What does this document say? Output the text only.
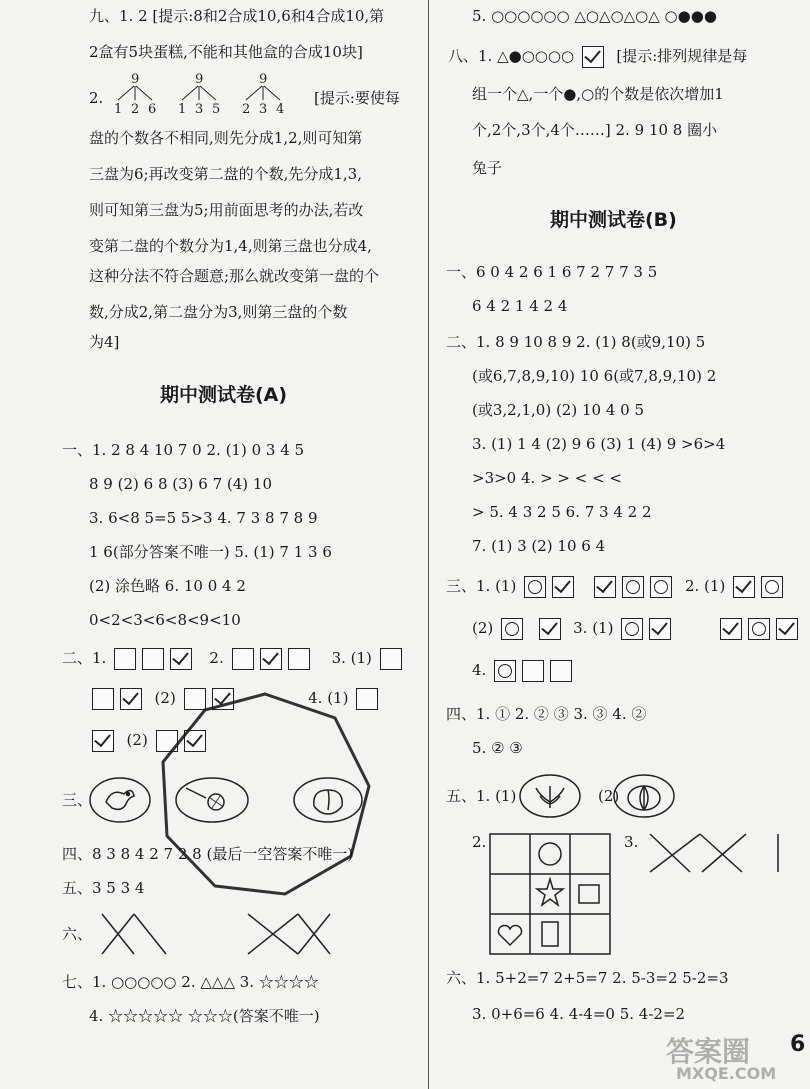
九、1. 2 [提示:8和2合成10,6和4合成10,第
2盒有5块蛋糕,不能和其他盒的合成10块]
2.
9
1 2 6
9
1 3 5
9
2 3 4
[提示:要使每
盘的个数各不相同,则先分成1,2,则可知第
三盘为6;再改变第二盘的个数,先分成1,3,
则可知第三盘为5;用前面思考的办法,若改
变第二盘的个数分为1,4,则第三盘也分成4,
这种分法不符合题意;那么就改变第一盘的个
数,分成2,第二盘分为3,则第三盘的个数
为4]
期中测试卷(A)
一、1. 2 8 4 10 7 0 2. (1) 0 3 4 5
8 9 (2) 6 8 (3) 6 7 (4) 10
3. 6<8 5=5 5>3 4. 7 3 8 7 8 9
1 6(部分答案不唯一) 5. (1) 7 1 3 6
(2) 涂色略 6. 10 0 4 2
0<2<3<6<8<9<10
二、1.	2.	3. (1)
(2)	4. (1)
(2)
三、
四、8 3 8 4 2 7 2 8 (最后一空答案不唯一)
五、3 5 3 4
六、
七、1. ○○○○○ 2. △△△ 3. ☆☆☆☆
4. ☆☆☆☆☆ ☆☆☆(答案不唯一)
5. ○○○○○○ △○△○△○△ ○●●●
八、1. △●○○○○	[提示:排列规律是每
组一个△,一个●,○的个数是依次增加1
个,2个,3个,4个……] 2. 9 10 8 圈小
兔子
期中测试卷(B)
一、6 0 4 2 6 1 6 7 2 7 7 3 5
6 4 2 1 4 2 4
二、1. 8 9 10 8 9 2. (1) 8(或9,10) 5
(或6,7,8,9,10) 10 6(或7,8,9,10) 2
(或3,2,1,0) (2) 10 4 0 5
3. (1) 1 4 (2) 9 6 (3) 1 (4) 9 >6>4
>3>0 4. > > < < <
> 5. 4 3 2 5 6. 7 3 4 2 2
7. (1) 3 (2) 10 6 4
三、1. (1)	2. (1)
(2)	3. (1)
4.
四、1. ① 2. ② ③ 3. ③ 4. ②
5. ② ③
五、1. (1)	(2)
2.	3.
六、1. 5+2=7 2+5=7 2. 5-3=2 5-2=3
3. 0+6=6 4. 4-4=0 5. 4-2=2
6
答案圈
MXQE.COM
